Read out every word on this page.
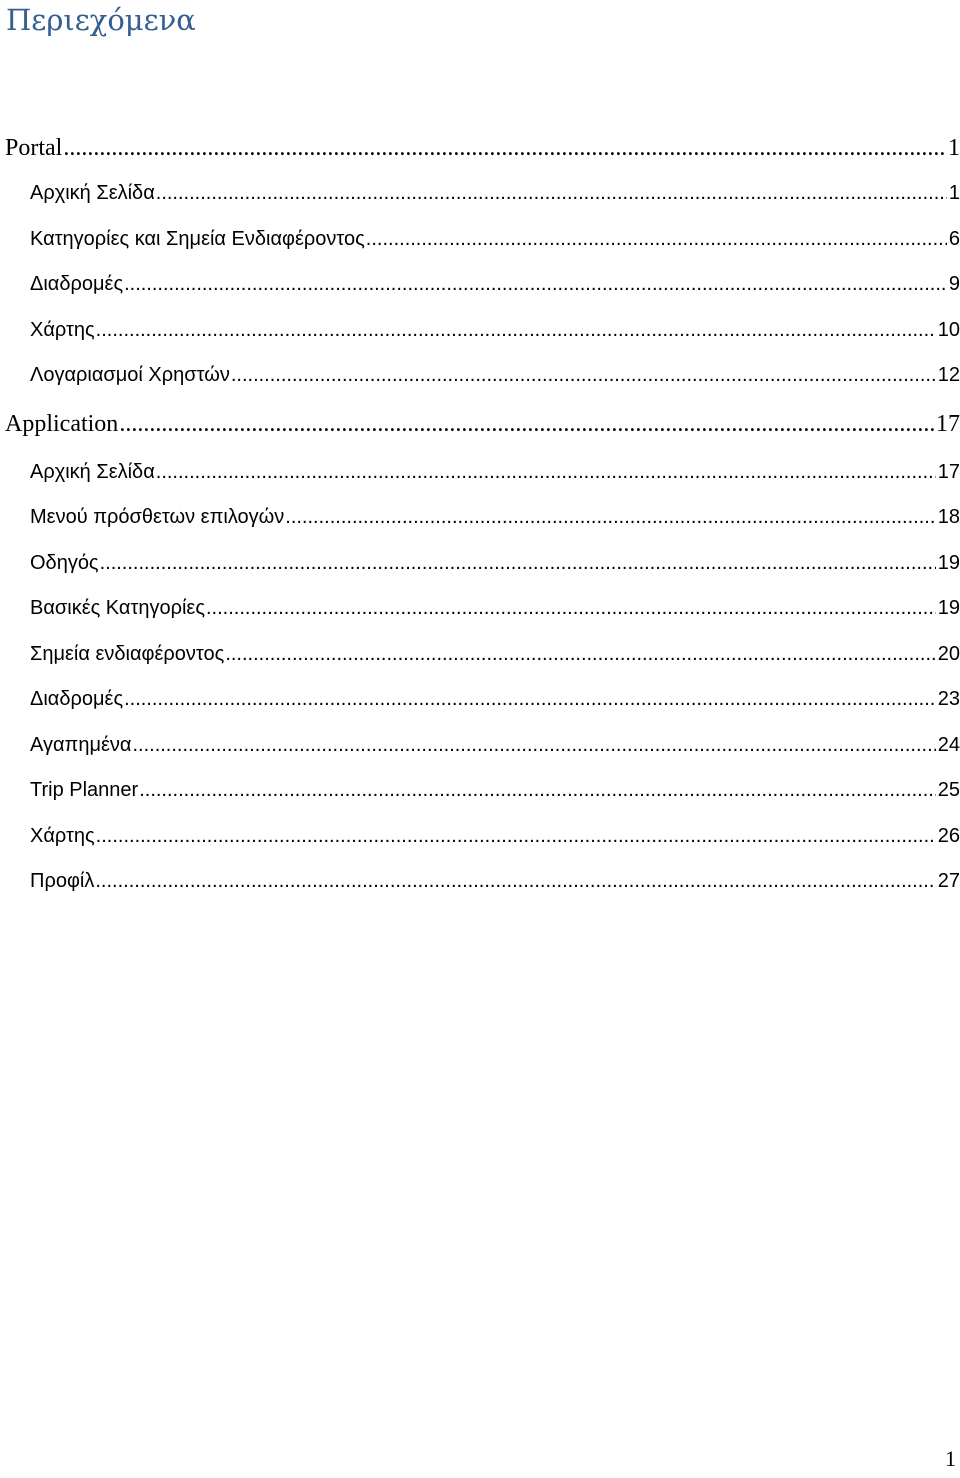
Περιεχόμενα
Portal .....	1
Αρχική Σελίδα .....	1
Κατηγορίες και Σημεία Ενδιαφέροντος .....	6
Διαδρομές .....	9
Χάρτης .....	10
Λογαριασμοί Χρηστών .....	12
Application .....	17
Αρχική Σελίδα .....	17
Μενού πρόσθετων επιλογών .....	18
Οδηγός .....	19
Βασικές Κατηγορίες .....	19
Σημεία ενδιαφέροντος .....	20
Διαδρομές .....	23
Αγαπημένα .....	24
Trip Planner .....	25
Χάρτης .....	26
Προφίλ .....	27
1
